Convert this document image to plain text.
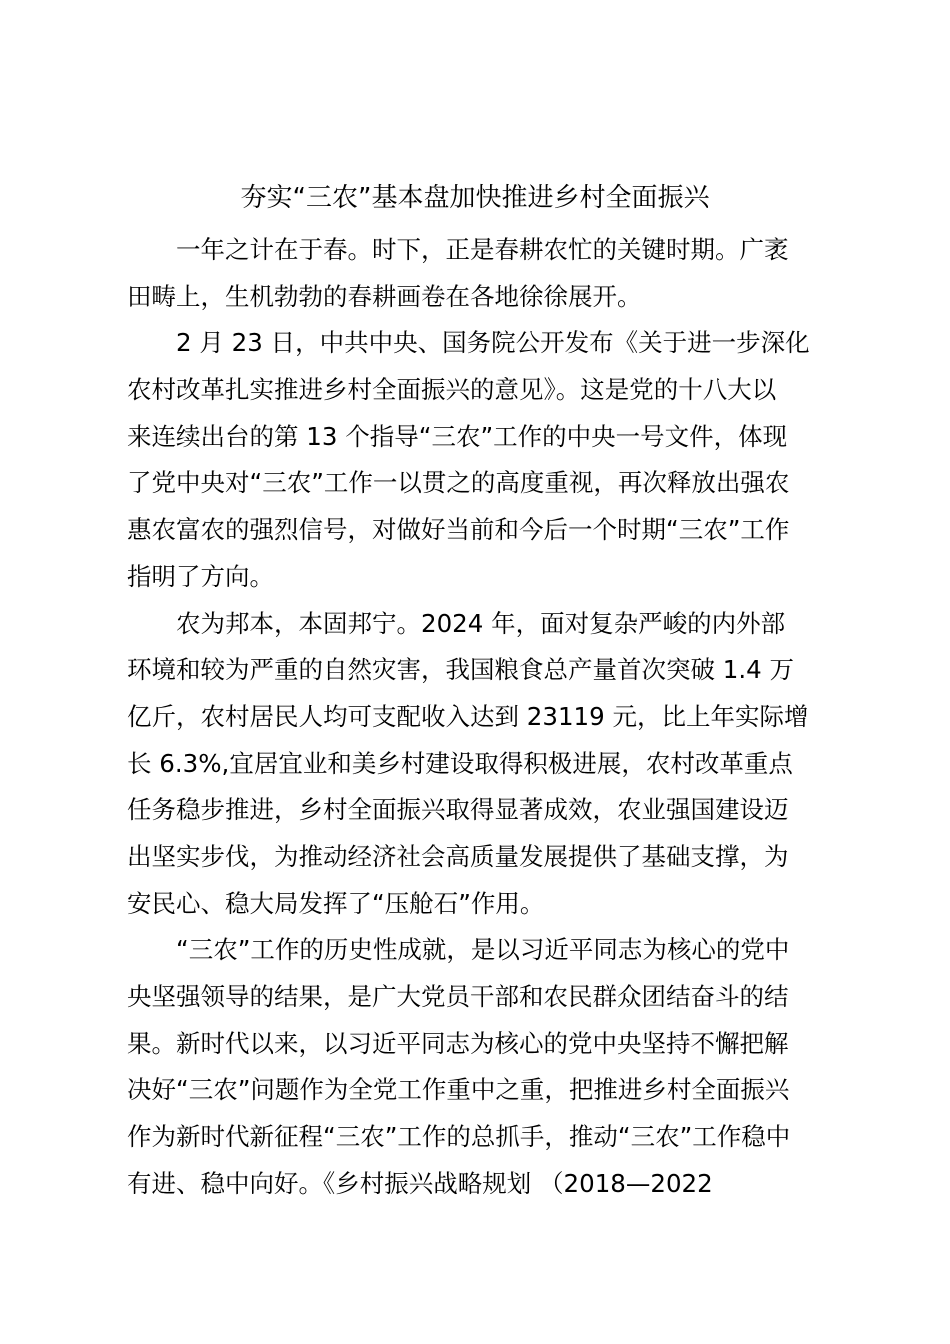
夯实“三农”基本盘加快推进乡村全面振兴

一年之计在于春。时下，正是春耕农忙的关键时期。广袤
田畴上，生机勃勃的春耕画卷在各地徐徐展开。

2 月 23 日，中共中央、国务院公开发布《关于进一步深化
农村改革扎实推进乡村全面振兴的意见》。这是党的十八大以
来连续出台的第 13 个指导“三农”工作的中央一号文件，体现
了党中央对“三农”工作一以贯之的高度重视，再次释放出强农
惠农富农的强烈信号，对做好当前和今后一个时期“三农”工作
指明了方向。

农为邦本，本固邦宁。2024 年，面对复杂严峻的内外部
环境和较为严重的自然灾害，我国粮食总产量首次突破 1.4 万
亿斤，农村居民人均可支配收入达到 23119 元，比上年实际增
长 6.3%,宜居宜业和美乡村建设取得积极进展，农村改革重点
任务稳步推进，乡村全面振兴取得显著成效，农业强国建设迈
出坚实步伐，为推动经济社会高质量发展提供了基础支撑，为
安民心、稳大局发挥了“压舱石”作用。

“三农”工作的历史性成就，是以习近平同志为核心的党中
央坚强领导的结果，是广大党员干部和农民群众团结奋斗的结
果。新时代以来，以习近平同志为核心的党中央坚持不懈把解
决好“三农”问题作为全党工作重中之重，把推进乡村全面振兴
作为新时代新征程“三农”工作的总抓手，推动“三农”工作稳中
有进、稳中向好。《乡村振兴战略规划 （2018—2022
